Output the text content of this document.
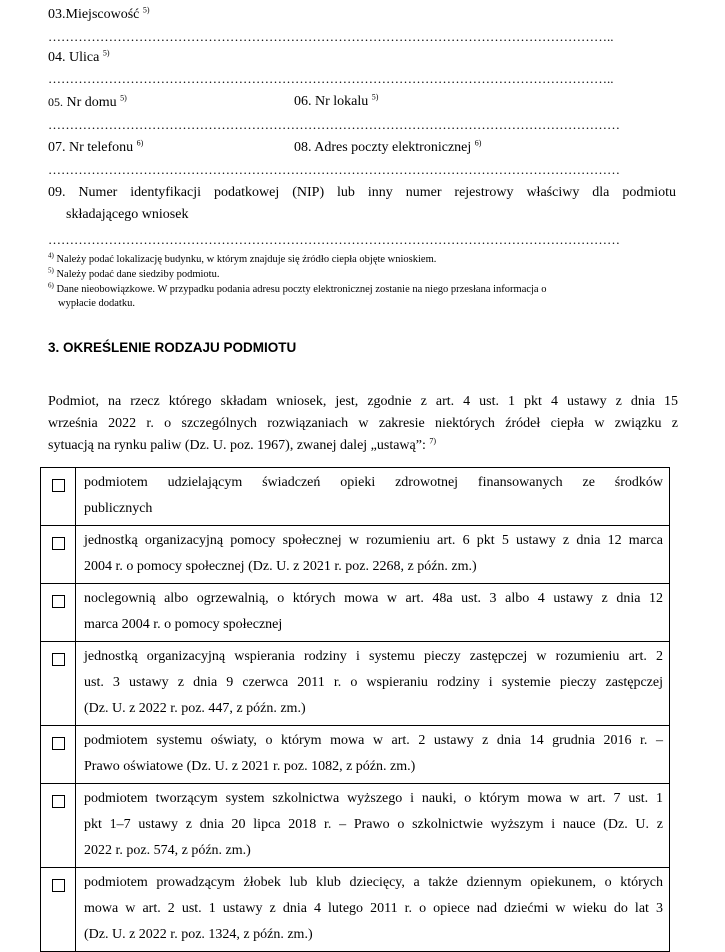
03.Miejscowość $^{5)}$
…………………………………………………………………………………………………………………..
04. Ulica $^{5)}$
…………………………………………………………………………………………………………………..
05. Nr domu $^{5)}$	06. Nr lokalu $^{5)}$
……………………………………………………………………………………………………………………
07. Nr telefonu $^{6)}$	08. Adres poczty elektronicznej $^{6)}$
……………………………………………………………………………………………………………………
09. Numer identyfikacji podatkowej (NIP) lub inny numer rejestrowy właściwy dla podmiotu
składającego wniosek
……………………………………………………………………………………………………………………
$^{4)}$ Należy podać lokalizację budynku, w którym znajduje się źródło ciepła objęte wnioskiem.
$^{5)}$ Należy podać dane siedziby podmiotu.
$^{6)}$ Dane nieobowiązkowe. W przypadku podania adresu poczty elektronicznej zostanie na niego przesłana informacja o
wypłacie dodatku.
3. OKREŚLENIE RODZAJU PODMIOTU
Podmiot, na rzecz którego składam wniosek, jest, zgodnie z art. 4 ust. 1 pkt 4 ustawy z dnia 15
września 2022 r. o szczególnych rozwiązaniach w zakresie niektórych źródeł ciepła w związku z
sytuacją na rynku paliw (Dz. U. poz. 1967), zwanej dalej „ustawą”: $^{7)}$

	podmiotem udzielającym świadczeń opieki zdrowotnej finansowanych ze środków
publicznych

	jednostką organizacyjną pomocy społecznej w rozumieniu art. 6 pkt 5 ustawy z dnia 12 marca
2004 r. o pomocy społecznej (Dz. U. z 2021 r. poz. 2268, z późn. zm.)

	noclegownią albo ogrzewalnią, o których mowa w art. 48a ust. 3 albo 4 ustawy z dnia 12
marca 2004 r. o pomocy społecznej

	jednostką organizacyjną wspierania rodziny i systemu pieczy zastępczej w rozumieniu art. 2
ust. 3 ustawy z dnia 9 czerwca 2011 r. o wspieraniu rodziny i systemie pieczy zastępczej
(Dz. U. z 2022 r. poz. 447, z późn. zm.)

	podmiotem systemu oświaty, o którym mowa w art. 2 ustawy z dnia 14 grudnia 2016 r. –
Prawo oświatowe (Dz. U. z 2021 r. poz. 1082, z późn. zm.)

	podmiotem tworzącym system szkolnictwa wyższego i nauki, o którym mowa w art. 7 ust. 1
pkt 1–7 ustawy z dnia 20 lipca 2018 r. – Prawo o szkolnictwie wyższym i nauce (Dz. U. z
2022 r. poz. 574, z późn. zm.)

	podmiotem prowadzącym żłobek lub klub dziecięcy, a także dziennym opiekunem, o których
mowa w art. 2 ust. 1 ustawy z dnia 4 lutego 2011 r. o opiece nad dziećmi w wieku do lat 3
(Dz. U. z 2022 r. poz. 1324, z późn. zm.)
